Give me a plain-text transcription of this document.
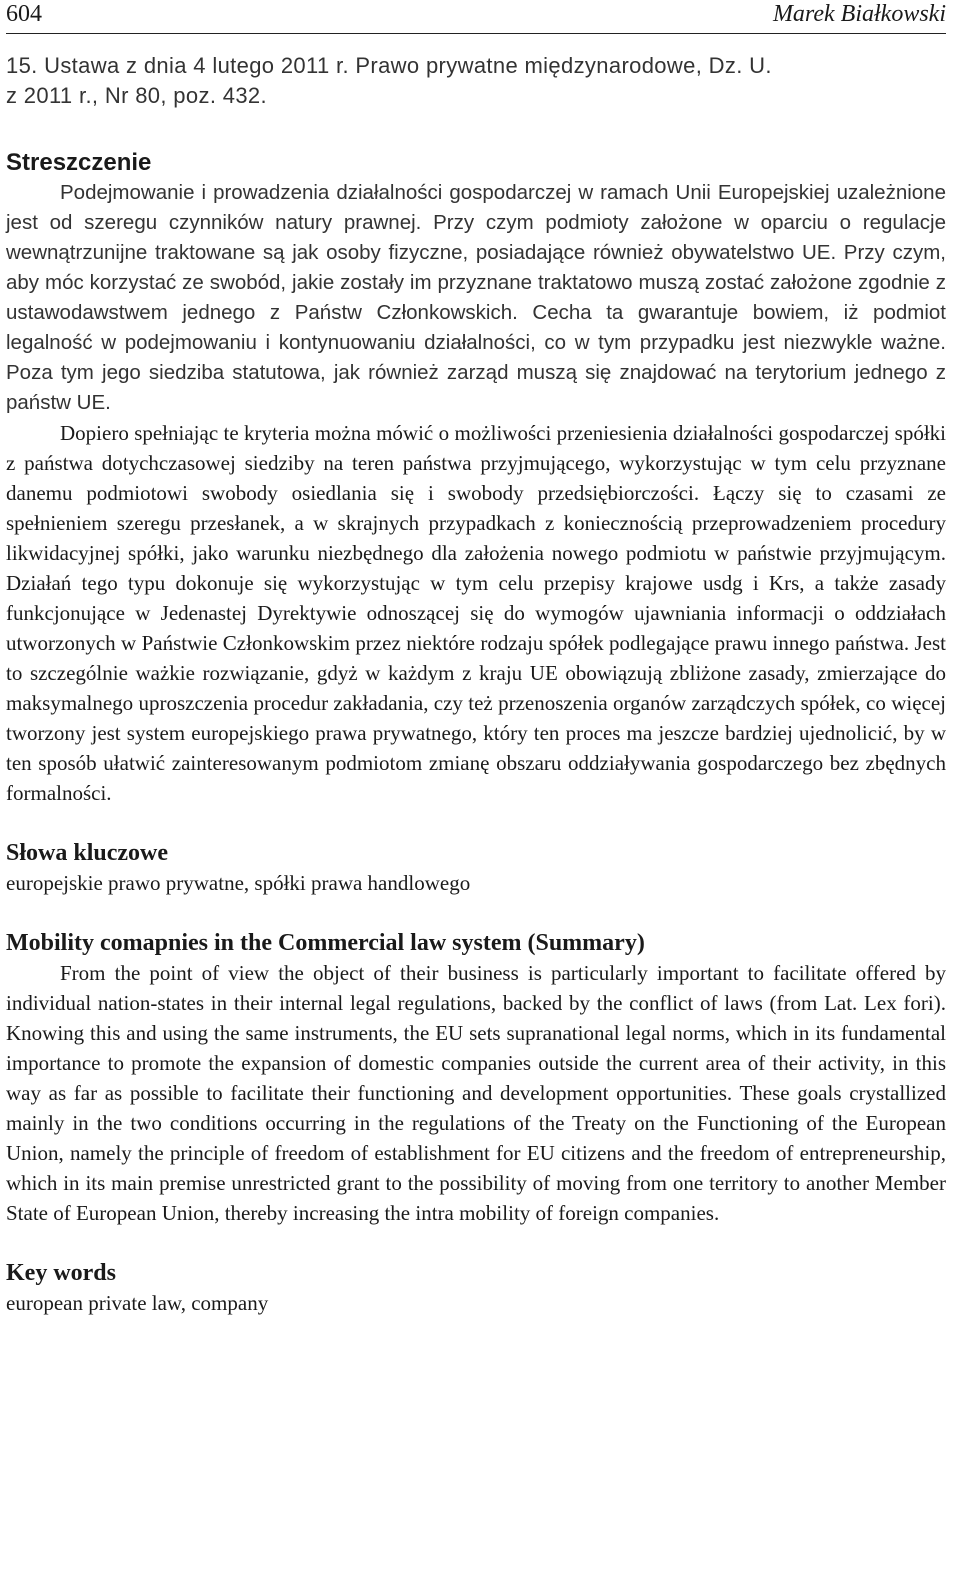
604	Marek Białkowski
15. Ustawa z dnia 4 lutego 2011 r. Prawo prywatne międzynarodowe, Dz. U.
z 2011 r., Nr 80, poz. 432.
Streszczenie

Podejmowanie i prowadzenia działalności gospodarczej w ramach Unii Europejskiej uzależnione jest od szeregu czynników natury prawnej. Przy czym podmioty założone w oparciu o regulacje wewnątrzunijne traktowane są jak osoby fizyczne, posiadające również obywatelstwo UE. Przy czym, aby móc korzystać ze swobód, jakie zostały im przyznane traktatowo muszą zostać założone zgodnie z ustawodawstwem jednego z Państw Członkowskich. Cecha ta gwarantuje bowiem, iż podmiot legalność w podejmowaniu i kontynuowaniu działalności, co w tym przypadku jest niezwykle ważne. Poza tym jego siedziba statutowa, jak również zarząd muszą się znajdować na terytorium jednego z państw UE.

Dopiero spełniając te kryteria można mówić o możliwości przeniesienia działalności gospodarczej spółki z państwa dotychczasowej siedziby na teren państwa przyjmującego, wykorzystując w tym celu przyznane danemu podmiotowi swobody osiedlania się i swobody przedsiębiorczości. Łączy się to czasami ze spełnieniem szeregu przesłanek, a w skrajnych przypadkach z koniecznością przeprowadzeniem procedury likwidacyjnej spółki, jako warunku niezbędnego dla założenia nowego podmiotu w państwie przyjmującym. Działań tego typu dokonuje się wykorzystując w tym celu przepisy krajowe usdg i Krs, a także zasady funkcjonujące w Jedenastej Dyrektywie odnoszącej się do wymogów ujawniania informacji o oddziałach utworzonych w Państwie Członkowskim przez niektóre rodzaju spółek podlegające prawu innego państwa. Jest to szczególnie ważkie rozwiązanie, gdyż w każdym z kraju UE obowiązują zbliżone zasady, zmierzające do maksymalnego uproszczenia procedur zakładania, czy też przenoszenia organów zarządczych spółek, co więcej tworzony jest system europejskiego prawa prywatnego, który ten proces ma jeszcze bardziej ujednolicić, by w ten sposób ułatwić zainteresowanym podmiotom zmianę obszaru oddziaływania gospodarczego bez zbędnych formalności.

Słowa kluczowe

europejskie prawo prywatne, spółki prawa handlowego

Mobility comapnies in the Commercial law system (Summary)

From the point of view the object of their business is particularly important to facilitate offered by individual nation-states in their internal legal regulations, backed by the conflict of laws (from Lat. Lex fori). Knowing this and using the same instruments, the EU sets supranational legal norms, which in its fundamental importance to promote the expansion of domestic companies outside the current area of their activity, in this way as far as possible to facilitate their functioning and development opportunities. These goals crystallized mainly in the two conditions occurring in the regulations of the Treaty on the Functioning of the European Union, namely the principle of freedom of establishment for EU citizens and the freedom of entrepreneurship, which in its main premise unrestricted grant to the possibility of moving from one territory to another Member State of European Union, thereby increasing the intra mobility of foreign companies.

Key words

european private law, company
